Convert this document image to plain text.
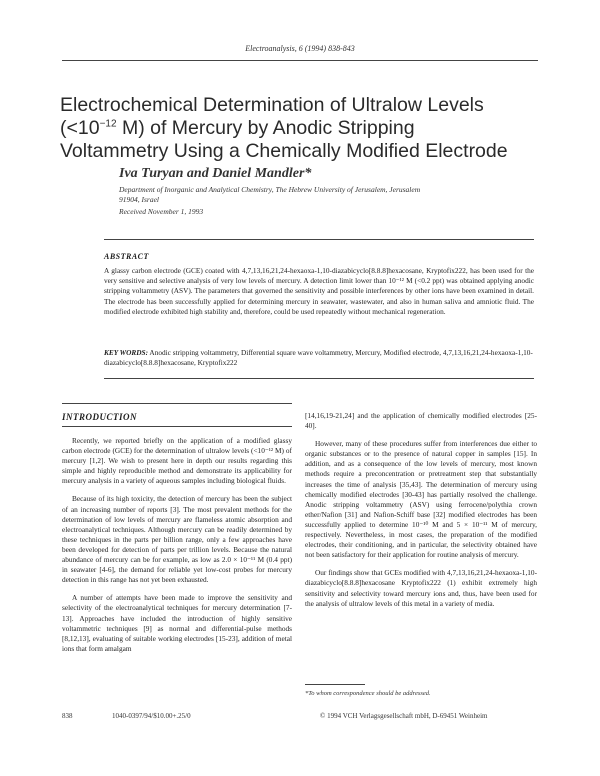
Electroanalysis, 6 (1994) 838-843

Electrochemical Determination of Ultralow Levels

($<10^{-12}$ M) of Mercury by Anodic Stripping

Voltammetry Using a Chemically Modified Electrode

Iva Turyan and Daniel Mandler*

Department of Inorganic and Analytical Chemistry, The Hebrew University of Jerusalem, Jerusalem

91904, Israel

Received November 1, 1993
ABSTRACT
A glassy carbon electrode (GCE) coated with 4,7,13,16,21,24-hexaoxa-1,10-diazabicyclo[8.8.8]hexacosane, Kryptofix222, has been used for the very sensitive and selective analysis of very low levels of mercury. A detection limit lower than 10⁻¹² M (<0.2 ppt) was obtained applying anodic stripping voltammetry (ASV). The parameters that governed the sensitivity and possible interferences by other ions have been examined in detail. The electrode has been successfully applied for determining mercury in seawater, wastewater, and also in human saliva and amniotic fluid. The modified electrode exhibited high stability and, therefore, could be used repeatedly without mechanical regeneration.
KEY WORDS: Anodic stripping voltammetry, Differential square wave voltammetry, Mercury, Modified electrode, 4,7,13,16,21,24-hexaoxa-1,10-diazabicyclo[8.8.8]hexacosane, Kryptofix222
INTRODUCTION

Recently, we reported briefly on the application of a modified glassy carbon electrode (GCE) for the determination of ultralow levels (<10⁻¹² M) of mercury [1,2]. We wish to present here in depth our results regarding this simple and highly reproducible method and demonstrate its applicability for mercury analysis in a variety of aqueous samples including biological fluids.

Because of its high toxicity, the detection of mercury has been the subject of an increasing number of reports [3]. The most prevalent methods for the determination of low levels of mercury are flameless atomic absorption and electroanalytical techniques. Although mercury can be readily determined by these techniques in the parts per billion range, only a few approaches have been developed for detection of parts per trillion levels. Because the natural abundance of mercury can be for example, as low as 2.0 × 10⁻¹¹ M (0.4 ppt) in seawater [4-6], the demand for reliable yet low-cost probes for mercury detection in this range has not yet been exhausted.

A number of attempts have been made to improve the sensitivity and selectivity of the electroanalytical techniques for mercury determination [7-13]. Approaches have included the introduction of highly sensitive voltammetric techniques [9] as normal and differential-pulse methods [8,12,13], evaluating of suitable working electrodes [15-23], addition of metal ions that form amalgam

[14,16,19-21,24] and the application of chemically modified electrodes [25-40].

However, many of these procedures suffer from interferences due either to organic substances or to the presence of natural copper in samples [15]. In addition, and as a consequence of the low levels of mercury, most known methods require a preconcentration or pretreatment step that substantially increases the time of analysis [35,43]. The determination of mercury using chemically modified electrodes [30-43] has partially resolved the challenge. Anodic stripping voltammetry (ASV) using ferrocene/polythia crown ether/Nafion [31] and Nafion-Schiff base [32] modified electrodes has been successfully applied to determine 10⁻¹⁰ M and 5 × 10⁻¹¹ M of mercury, respectively. Nevertheless, in most cases, the preparation of the modified electrodes, their conditioning, and in particular, the selectivity obtained have not been satisfactory for their application for routine analysis of mercury.

Our findings show that GCEs modified with 4,7,13,16,21,24-hexaoxa-1,10-diazabicyclo[8.8.8]hexacosane Kryptofix222 (1) exhibit extremely high sensitivity and selectivity toward mercury ions and, thus, have been used for the analysis of ultralow levels of this metal in a variety of media.

*To whom correspondence should be addressed.
838	1040-0397/94/$10.00+.25/0	© 1994 VCH Verlagsgesellschaft mbH, D-69451 Weinheim
